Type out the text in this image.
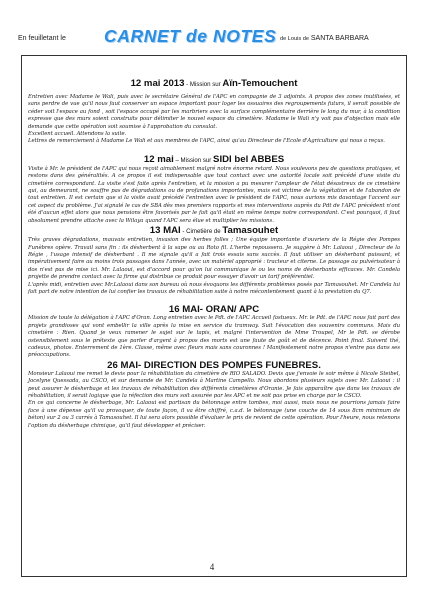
En feuilletant le CARNET de NOTES de Louis de SANTA BARBARA
12 mai 2013 - Mission sur Aïn-Temouchent

Entretien avec Madame le Wali, puis avec le secrétaire Général de l'APC en compagnie de 3 adjoints. A propos des zones inutilisées, et sans perdre de vue qu'il nous faut conserver un espace important pour loger les ossuaires des regroupements futurs, il serait possible de céder soit l'espace au fond , soit l'espace occupé par les marbriers avec la surface complémentaire derrière le long du mur, à la condition expresse que des murs soient construits pour délimiter le nouvel espace du cimetière. Madame le Wali n'y voit pas d'objection mais elle demande que cette opération soit soumise à l'approbation du consulat.

Excellent accueil. Attendons la suite.

Lettres de remerciement à Madame Le Wali et aux membres de l'APC, ainsi qu'au Directeur de l'Ecole d'Agriculture qui nous a reçus.

12 mai – Mission sur SIDI bel ABBES

Visite à Mr. le président de l'APC qui nous reçoit aimablement malgré notre énorme retard. Nous soulevons peu de questions pratiques, et restons dans des généralités. A ce propos il est indispensable que tout contact avec une autorité locale soit précédé d'une visite du cimetière correspondant. La visite s'est faite après l'entretien, et la mission a pu mesurer l'ampleur de l'état désastreux de ce cimetière qui, au demeurant, ne souffre pas de dégradations ou de profanations importantes, mais est victime de la végétation et de l'abandon de tout entretien. Il est certain que si la visite avait précédé l'entretien avec le président de l'APC, nous aurions mis davantage l'accent sur cet aspect du problème. J'ai signalé le cas de SBA dès mes premiers rapports et mes interventions auprès du Pdt de l'APC précédent n'ont été d'aucun effet alors que nous pensions être favorisés par le fait qu'il était en même temps notre correspondant. C'est pourquoi, il faut absolument prendre attache avec la Wilaya quand l'APC sera élue et multiplier les missions.

13 MAI - Cimetière de Tamasouhet

Très graves dégradations, mauvais entretien, invasion des herbes folles ; Une équipe importante d'ouvriers de la Régie des Pompes Funèbres opère. Travail sans fin : ils désherbent à la sape ou au Roto fil. L'herbe repoussera. Je suggère à Mr. Lalaoui , Directeur de la Régie , l'usage intensif de désherbant . Il me signale qu'il a fait trois essais sans succès. Il faut utiliser un désherbant puissant, et impérativement faire au moins trois passages dans l'année, avec un matériel approprié : tracteur et citerne. Le passage au pulvérisateur à dos n'est pas de mise ici. Mr. Lalaoui, est d'accord pour qu'on lui communique le ou les noms de désherbants efficaces. Mr. Candela projette de prendre contact avec la firme qui distribue ce produit pour essayer d'avoir un tarif préférentiel.

L'après midi, entretien avec Mr.Lalaoui dans son bureau où nous évoquons les différents problèmes posés par Tamasouhet. Mr Candela lui fait part de notre intention de lui confier les travaux de réhabilitation suite à notre mécontentement quant à la prestation du Q7.

16 MAI- ORAN/ APC

Mission de toute la délégation à l'APC d'Oran. Long entretien avec le Pdt. de l'APC Accueil fastueux. Mr. le Pdt. de l'APC nous fait part des projets grandioses qui vont embellir la ville après la mise en service du tramway. Suit l'évocation des souvenirs communs. Mais du cimetière : Rien. Quand je veux ramener le sujet sur le tapis, et malgré l'intervention de Mme Troupel, Mr le Pdt. se dérobe ostensiblement sous le prétexte que parler d'argent à propos des morts est une faute de goût et de décence. Point final. Suivent thé, cadeaux, photos. Enterrement de 1ère. Classe, même avec fleurs mais sans couronnes ! Manifestement notre propos n'entre pas dans ses préoccupations.

26 MAI- DIRECTION DES POMPES FUNEBRES.

Monsieur Lalaoui me remet le devis pour la réhabilitation du cimetière de RIO SALADO. Devis que j'envoie le soir même à Nicole Steibel, Jocelyne Quessada, au CSCO, et sur demande de Mr. Candela à Martine Campello. Nous abordons plusieurs sujets avec Mr. Lalaoui : il peut assurer le désherbage et les travaux de réhabilitation des différents cimetières d'Oranie. Je fais apparaître que dans les travaux de réhabilitation, il serait logique que la réfection des murs soit assurée par les APC et ne soit pas prise en charge par le CSCO.

En ce qui concerne le désherbage, Mr. Lalaoui est partisan du bétonnage entre tombes, moi aussi, mais nous ne pourrions jamais faire face à une dépense qu'il va provoquer, de toute façon, il va être chiffré, c.a.d. le bétonnage (une couche de 14 sous 8cm minimum de béton) sur 2 ou 3 carrés à Tamasouhet. Il lui sera alors possible d'évaluer le prix de revient de cette opération. Pour l'heure, nous retenons l'option du désherbage chimique, qu'il faut développer et préciser.

4
